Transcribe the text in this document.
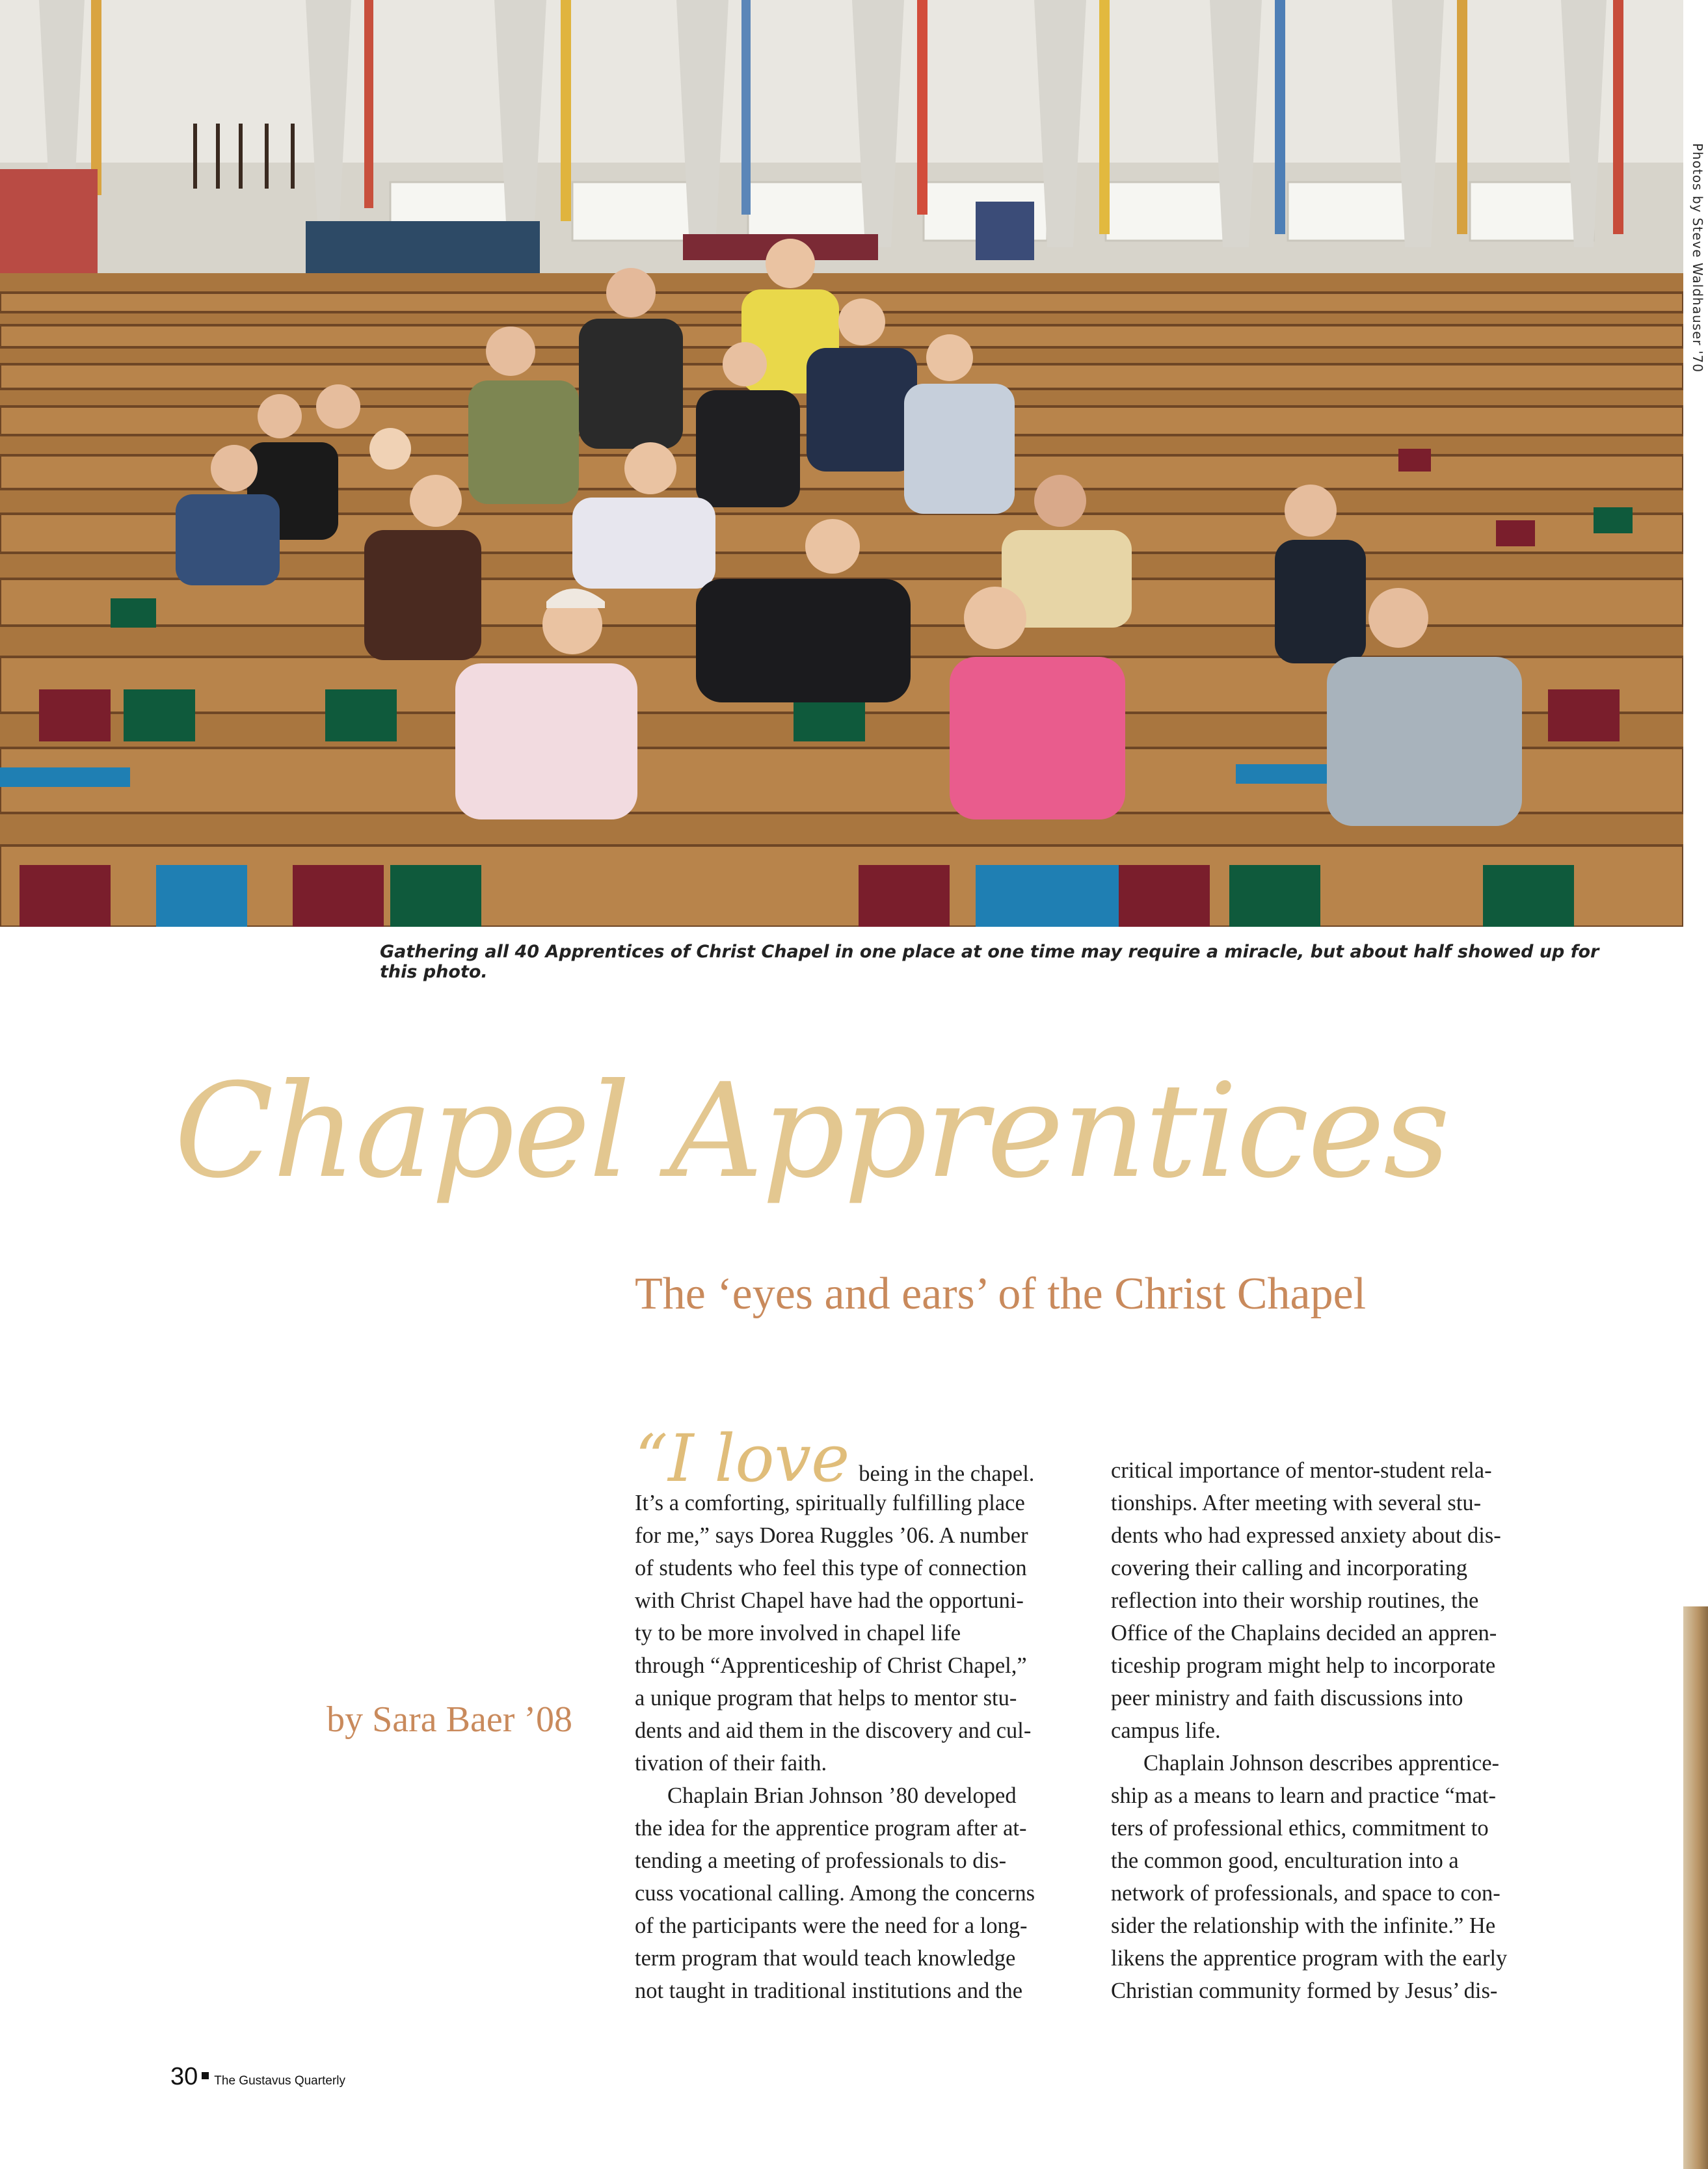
Photos by Steve Waldhauser '70
Gathering all 40 Apprentices of Christ Chapel in one place at one time may require a miracle, but about half showed up for this photo.
Chapel Apprentices
The ‘eyes and ears’ of the Christ Chapel
by Sara Baer ’08
“I love being in the chapel.
It’s a comforting, spiritually fulfilling place
for me,” says Dorea Ruggles ’06. A number
of students who feel this type of connection
with Christ Chapel have had the opportuni-
ty to be more involved in chapel life
through “Apprenticeship of Christ Chapel,”
a unique program that helps to mentor stu-
dents and aid them in the discovery and cul-
tivation of their faith.
Chaplain Brian Johnson ’80 developed
the idea for the apprentice program after at-
tending a meeting of professionals to dis-
cuss vocational calling. Among the concerns
of the participants were the need for a long-
term program that would teach knowledge
not taught in traditional institutions and the
critical importance of mentor-student rela-
tionships. After meeting with several stu-
dents who had expressed anxiety about dis-
covering their calling and incorporating
reflection into their worship routines, the
Office of the Chaplains decided an appren-
ticeship program might help to incorporate
peer ministry and faith discussions into
campus life.
Chaplain Johnson describes apprentice-
ship as a means to learn and practice “mat-
ters of professional ethics, commitment to
the common good, enculturation into a
network of professionals, and space to con-
sider the relationship with the infinite.” He
likens the apprentice program with the early
Christian community formed by Jesus’ dis-
30 The Gustavus Quarterly
